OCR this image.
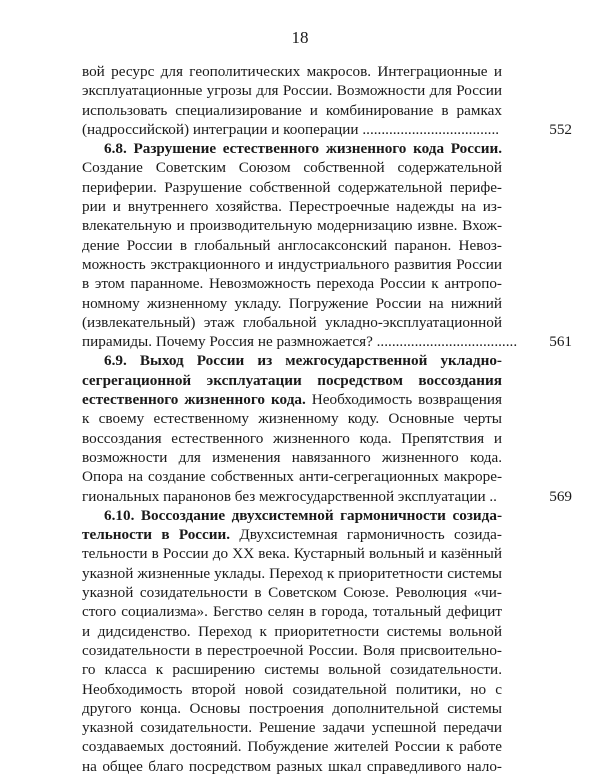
18
вой ресурс для геополитических макросов. Интеграционные и
эксплуатационные угрозы для России. Возможности для России
использовать специализирование и комбинирование в рамках
(надроссийской) интеграции и кооперации ....................................	552
6.8. Разрушение естественного жизненного кода России.
Создание Советским Союзом собственной содержательной
периферии. Разрушение собственной содержательной перифе-
рии и внутреннего хозяйства. Перестроечные надежды на из-
влекательную и производительную модернизацию извне. Вхож-
дение России в глобальный англосаксонский паранон. Невоз-
можность экстракционного и индустриального развития России
в этом паранноме. Невозможность перехода России к антропо-
номному жизненному укладу. Погружение России на нижний
(извлекательный) этаж глобальной укладно-эксплуатационной
пирамиды. Почему Россия не размножается? .....................................	561
6.9. Выход России из межгосударственной укладно-
сегрегационной эксплуатации посредством воссоздания
естественного жизненного кода. Необходимость возвращения
к своему естественному жизненному коду. Основные черты
воссоздания естественного жизненного кода. Препятствия и
возможности для изменения навязанного жизненного кода.
Опора на создание собственных анти-сегрегационных макроре-
гиональных паранонов без межгосударственной эксплуатации ..	569
6.10. Воссоздание двухсистемной гармоничности созида-
тельности в России. Двухсистемная гармоничность созида-
тельности в России до XX века. Кустарный вольный и казённый
указной жизненные уклады. Переход к приоритетности системы
указной созидательности в Советском Союзе. Революция «чи-
стого социализма». Бегство селян в города, тотальный дефицит
и дидсиденство. Переход к приоритетности системы вольной
созидательности в перестроечной России. Воля присвоительно-
го класса к расширению системы вольной созидательности.
Необходимость второй новой созидательной политики, но с
другого конца. Основы построения дополнительной системы
указной созидательности. Решение задачи успешной передачи
создаваемых достояний. Побуждение жителей России к работе
на общее благо посредством разных шкал справедливого нало-
